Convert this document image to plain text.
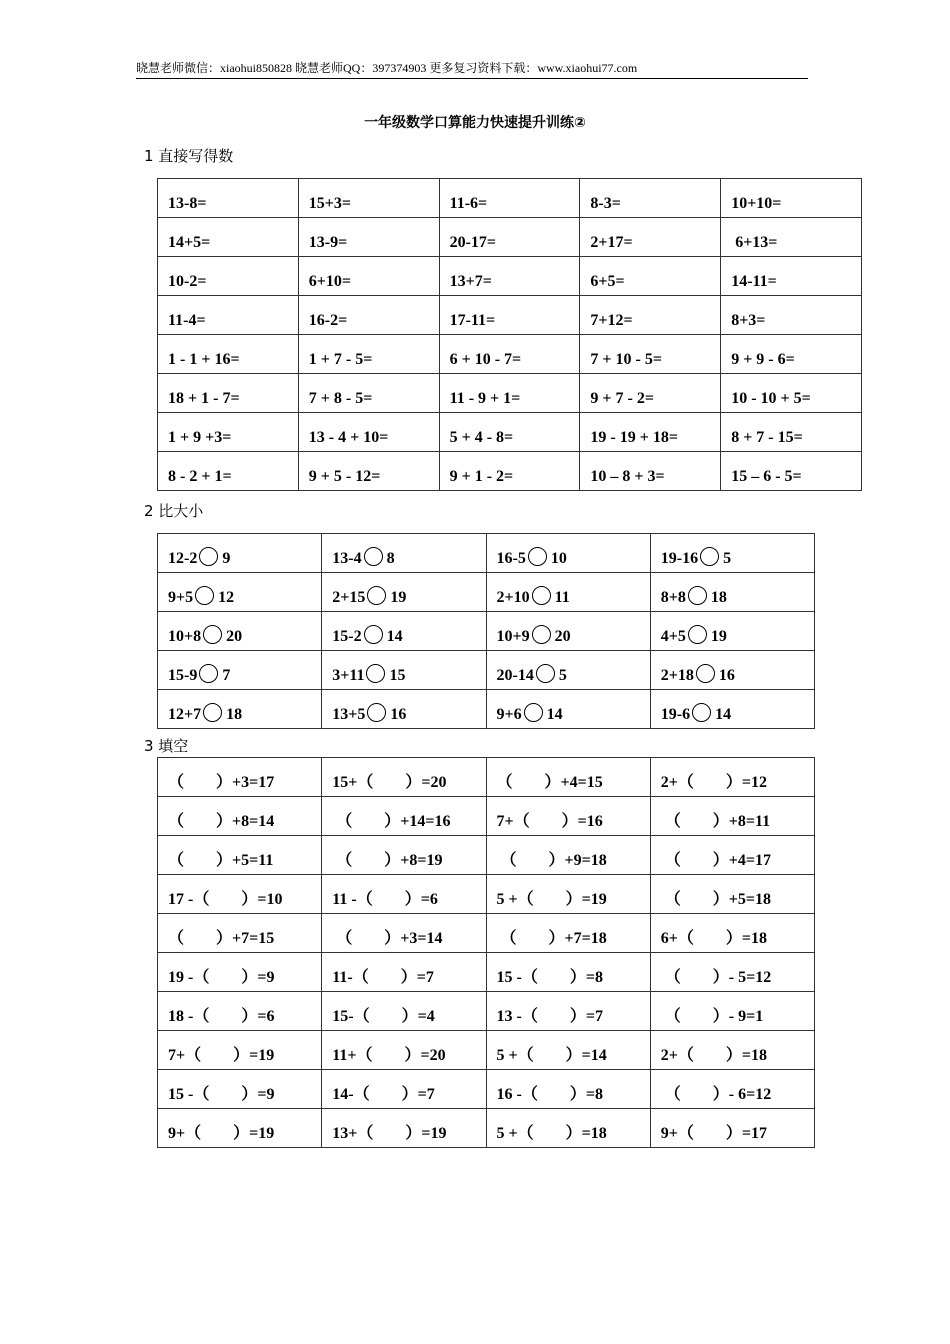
晓慧老师微信：xiaohui850828 晓慧老师QQ：397374903 更多复习资料下载：www.xiaohui77.com
一年级数学口算能力快速提升训练②
1 直接写得数
13-8=	15+3=	11-6=	8-3=	10+10=
14+5=	13-9=	20-17=	2+17=	6+13=
10-2=	6+10=	13+7=	6+5=	14-11=
11-4=	16-2=	17-11=	7+12=	8+3=
1 - 1 + 16=	1 + 7 - 5=	6 + 10 - 7=	7 + 10 - 5=	9 + 9 - 6=
18 + 1 - 7=	7 + 8 - 5=	11 - 9 + 1=	9 + 7 - 2=	10 - 10 + 5=
1 + 9 +3=	13 - 4 + 10=	5 + 4 - 8=	19 - 19 + 18=	8 + 7 - 15=
8 - 2 + 1=	9 + 5 - 12=	9 + 1 - 2=	10 – 8 + 3=	15 – 6 - 5=
2 比大小
12-2 9	13-4 8	16-5 10	19-16 5
9+5 12	2+15 19	2+10 11	8+8 18
10+8 20	15-2 14	10+9 20	4+5 19
15-9 7	3+11 15	20-14 5	2+18 16
12+7 18	13+5 16	9+6 14	19-6 14
3 填空
（　　）+3=17	15+（　　）=20	（　　）+4=15	2+（　　）=12
（　　）+8=14	（　　）+14=16	7+（　　）=16	（　　）+8=11
（　　）+5=11	（　　）+8=19	（　　）+9=18	（　　）+4=17
17 -（　　）=10	11 -（　　）=6	5 +（　　）=19	（　　）+5=18
（　　）+7=15	（　　）+3=14	（　　）+7=18	6+（　　）=18
19 -（　　）=9	11-（　　）=7	15 -（　　）=8	（　　）- 5=12
18 -（　　）=6	15-（　　）=4	13 -（　　）=7	（　　）- 9=1
7+（　　）=19	11+（　　）=20	5 +（　　）=14	2+（　　）=18
15 -（　　）=9	14-（　　）=7	16 -（　　）=8	（　　）- 6=12
9+（　　）=19	13+（　　）=19	5 +（　　）=18	9+（　　）=17
